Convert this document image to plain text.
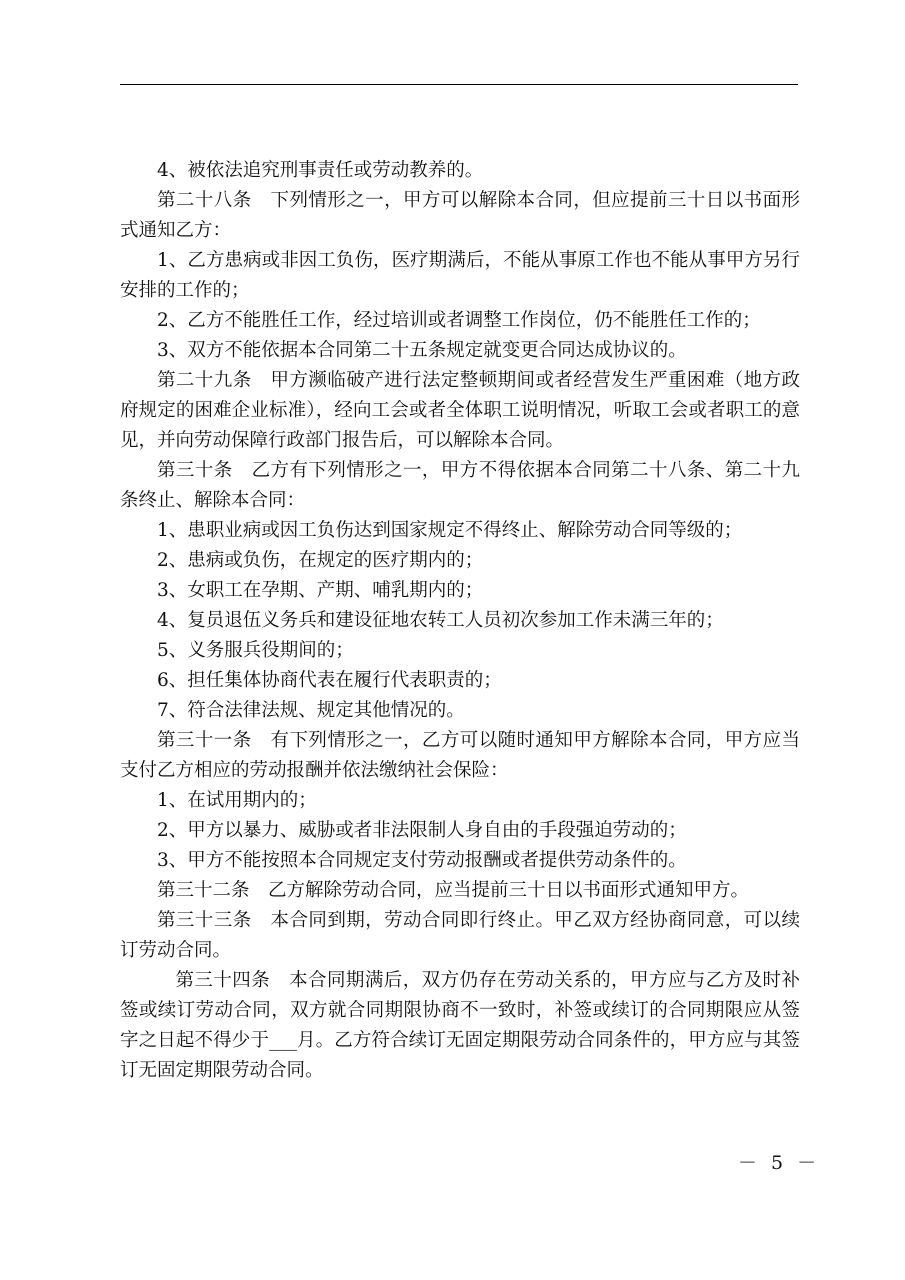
4、被依法追究刑事责任或劳动教养的。

第二十八条　下列情形之一，甲方可以解除本合同，但应提前三十日以书面形式通知乙方：

1、乙方患病或非因工负伤，医疗期满后，不能从事原工作也不能从事甲方另行安排的工作的；

2、乙方不能胜任工作，经过培训或者调整工作岗位，仍不能胜任工作的；

3、双方不能依据本合同第二十五条规定就变更合同达成协议的。

第二十九条　甲方濒临破产进行法定整顿期间或者经营发生严重困难（地方政府规定的困难企业标准），经向工会或者全体职工说明情况，听取工会或者职工的意见，并向劳动保障行政部门报告后，可以解除本合同。

第三十条　乙方有下列情形之一，甲方不得依据本合同第二十八条、第二十九条终止、解除本合同：

1、患职业病或因工负伤达到国家规定不得终止、解除劳动合同等级的；

2、患病或负伤，在规定的医疗期内的；

3、女职工在孕期、产期、哺乳期内的；

4、复员退伍义务兵和建设征地农转工人员初次参加工作未满三年的；

5、义务服兵役期间的；

6、担任集体协商代表在履行代表职责的；

7、符合法律法规、规定其他情况的。

第三十一条　有下列情形之一，乙方可以随时通知甲方解除本合同，甲方应当支付乙方相应的劳动报酬并依法缴纳社会保险：

1、在试用期内的；

2、甲方以暴力、威胁或者非法限制人身自由的手段强迫劳动的；

3、甲方不能按照本合同规定支付劳动报酬或者提供劳动条件的。

第三十二条　乙方解除劳动合同，应当提前三十日以书面形式通知甲方。

第三十三条　本合同到期，劳动合同即行终止。甲乙双方经协商同意，可以续订劳动合同。

第三十四条　本合同期满后，双方仍存在劳动关系的，甲方应与乙方及时补签或续订劳动合同，双方就合同期限协商不一致时，补签或续订的合同期限应从签字之日起不得少于___月。乙方符合续订无固定期限劳动合同条件的，甲方应与其签订无固定期限劳动合同。

－ 5 －
